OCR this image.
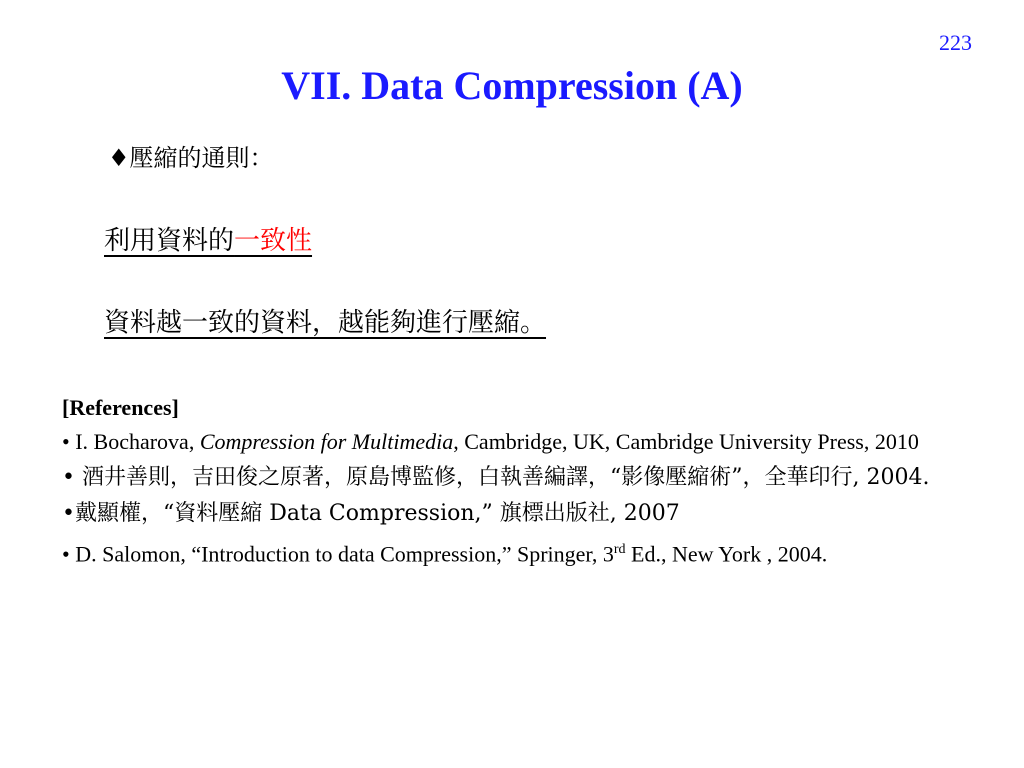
223
VII. Data Compression (A)
♦壓縮的通則：
利用資料的一致性
資料越一致的資料，越能夠進行壓縮。
[References]
• I. Bocharova, Compression for Multimedia, Cambridge, UK, Cambridge University Press, 2010
• 酒井善則，吉田俊之原著，原島博監修，白執善編譯，“影像壓縮術”，全華印行, 2004.
•戴顯權，“資料壓縮 Data Compression,” 旗標出版社, 2007
• D. Salomon, “Introduction to data Compression,” Springer, 3rd Ed., New York , 2004.
